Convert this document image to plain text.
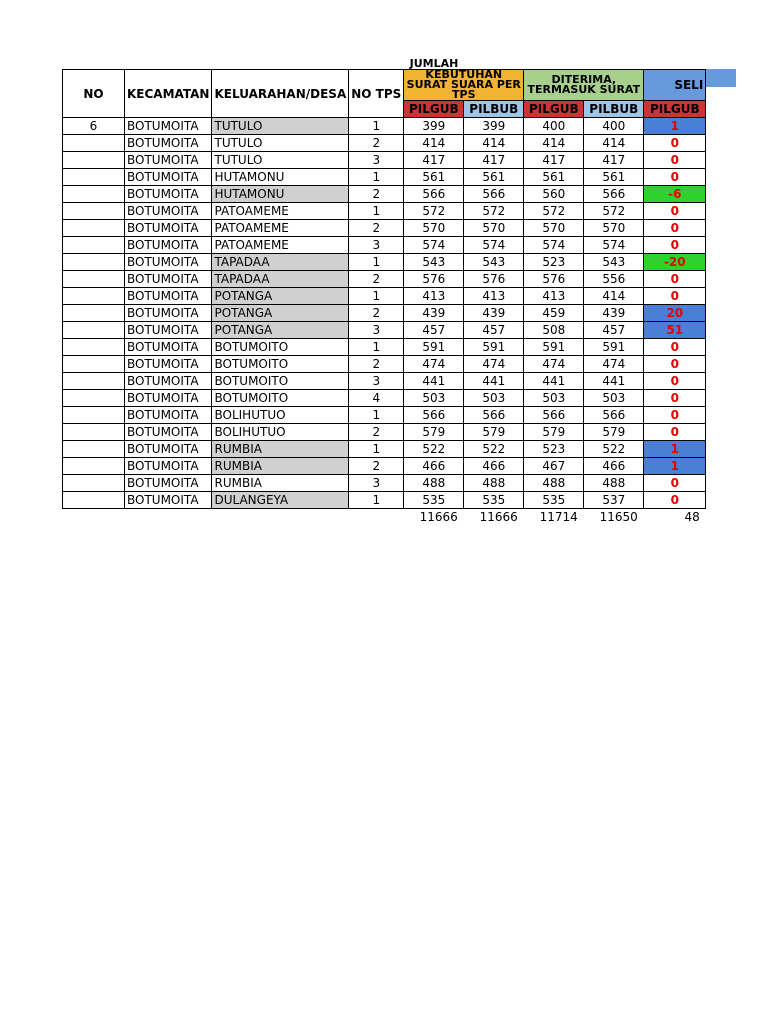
JUMLAH
NO	KECAMATAN	KELUARAHAN/DESA	NO TPS	KEBUTUHAN SURAT SUARA PER TPS		DITERIMA, TERMASUK SURAT		SELI
				PILGUB	PILBUB	PILGUB	PILBUB	PILGUB
6	BOTUMOITA	TUTULO	1	399	399	400	400	1
	BOTUMOITA	TUTULO	2	414	414	414	414	0
	BOTUMOITA	TUTULO	3	417	417	417	417	0
	BOTUMOITA	HUTAMONU	1	561	561	561	561	0
	BOTUMOITA	HUTAMONU	2	566	566	560	566	-6
	BOTUMOITA	PATOAMEME	1	572	572	572	572	0
	BOTUMOITA	PATOAMEME	2	570	570	570	570	0
	BOTUMOITA	PATOAMEME	3	574	574	574	574	0
	BOTUMOITA	TAPADAA	1	543	543	523	543	-20
	BOTUMOITA	TAPADAA	2	576	576	576	556	0
	BOTUMOITA	POTANGA	1	413	413	413	414	0
	BOTUMOITA	POTANGA	2	439	439	459	439	20
	BOTUMOITA	POTANGA	3	457	457	508	457	51
	BOTUMOITA	BOTUMOITO	1	591	591	591	591	0
	BOTUMOITA	BOTUMOITO	2	474	474	474	474	0
	BOTUMOITA	BOTUMOITO	3	441	441	441	441	0
	BOTUMOITA	BOTUMOITO	4	503	503	503	503	0
	BOTUMOITA	BOLIHUTUO	1	566	566	566	566	0
	BOTUMOITA	BOLIHUTUO	2	579	579	579	579	0
	BOTUMOITA	RUMBIA	1	522	522	523	522	1
	BOTUMOITA	RUMBIA	2	466	466	467	466	1
	BOTUMOITA	RUMBIA	3	488	488	488	488	0
	BOTUMOITA	DULANGEYA	1	535	535	535	537	0
				11666	11666	11714	11650	48
